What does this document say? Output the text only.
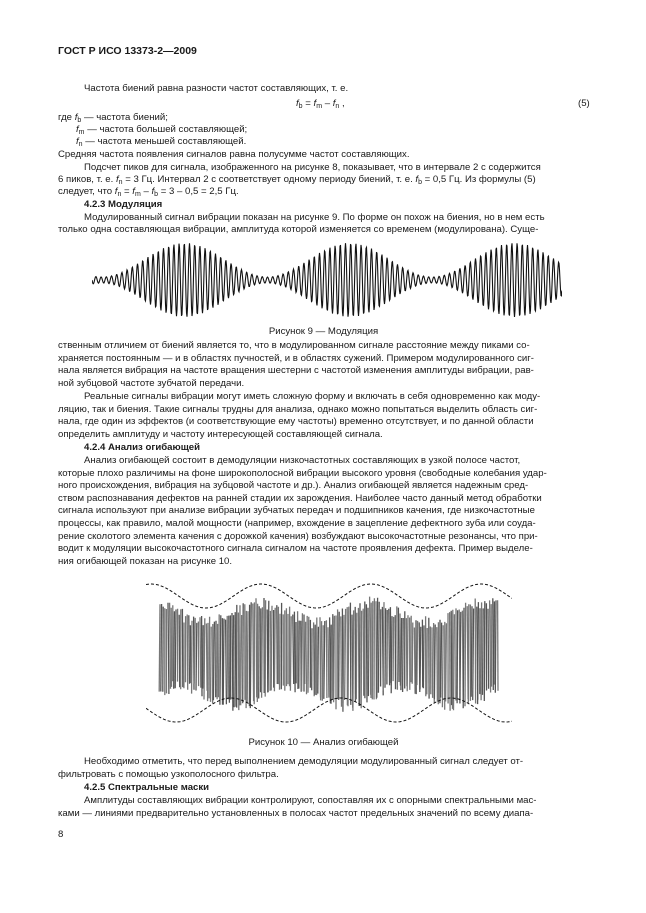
ГОСТ Р ИСО 13373-2—2009
Частота биений равна разности частот составляющих, т. е.
$f_b = f_m - f_n$ ,	(5)
где $f_b$ — частота биений;
$f_m$ — частота большей составляющей;
$f_n$ — частота меньшей составляющей.
Средняя частота появления сигналов равна полусумме частот составляющих.
Подсчет пиков для сигнала, изображенного на рисунке 8, показывает, что в интервале 2 с содержится
6 пиков, т. е. $f_n = 3$ Гц. Интервал 2 с соответствует одному периоду биений, т. е. $f_b = 0,5$ Гц. Из формулы (5)
следует, что $f_n = f_m - f_b = 3 - 0,5 = 2,5$ Гц.
4.2.3 Модуляция
Модулированный сигнал вибрации показан на рисунке 9. По форме он похож на биения, но в нем есть
только одна составляющая вибрации, амплитуда которой изменяется со временем (модулирована). Суще-
Рисунок 9 — Модуляция
ственным отличием от биений является то, что в модулированном сигнале расстояние между пиками со-
храняется постоянным — и в областях пучностей, и в областях сужений. Примером модулированного сиг-
нала является вибрация на частоте вращения шестерни с частотой изменения амплитуды вибрации, рав-
ной зубцовой частоте зубчатой передачи.
Реальные сигналы вибрации могут иметь сложную форму и включать в себя одновременно как моду-
ляцию, так и биения. Такие сигналы трудны для анализа, однако можно попытаться выделить область сиг-
нала, где один из эффектов (и соответствующие ему частоты) временно отсутствует, и по данной области
определить амплитуду и частоту интересующей составляющей сигнала.
4.2.4 Анализ огибающей
Анализ огибающей состоит в демодуляции низкочастотных составляющих в узкой полосе частот,
которые плохо различимы на фоне широкополосной вибрации высокого уровня (свободные колебания удар-
ного происхождения, вибрация на зубцовой частоте и др.). Анализ огибающей является надежным сред-
ством распознавания дефектов на ранней стадии их зарождения. Наиболее часто данный метод обработки
сигнала используют при анализе вибрации зубчатых передач и подшипников качения, где низкочастотные
процессы, как правило, малой мощности (например, вхождение в зацепление дефектного зуба или соуда-
рение сколотого элемента качения с дорожкой качения) возбуждают высокочастотные резонансы, что при-
водит к модуляции высокочастотного сигнала сигналом на частоте проявления дефекта. Пример выделе-
ния огибающей показан на рисунке 10.
Рисунок 10 — Анализ огибающей
Необходимо отметить, что перед выполнением демодуляции модулированный сигнал следует от-
фильтровать с помощью узкополосного фильтра.
4.2.5 Спектральные маски
Амплитуды составляющих вибрации контролируют, сопоставляя их с опорными спектральными мас-
ками — линиями предварительно установленных в полосах частот предельных значений по всему диапа-
8
